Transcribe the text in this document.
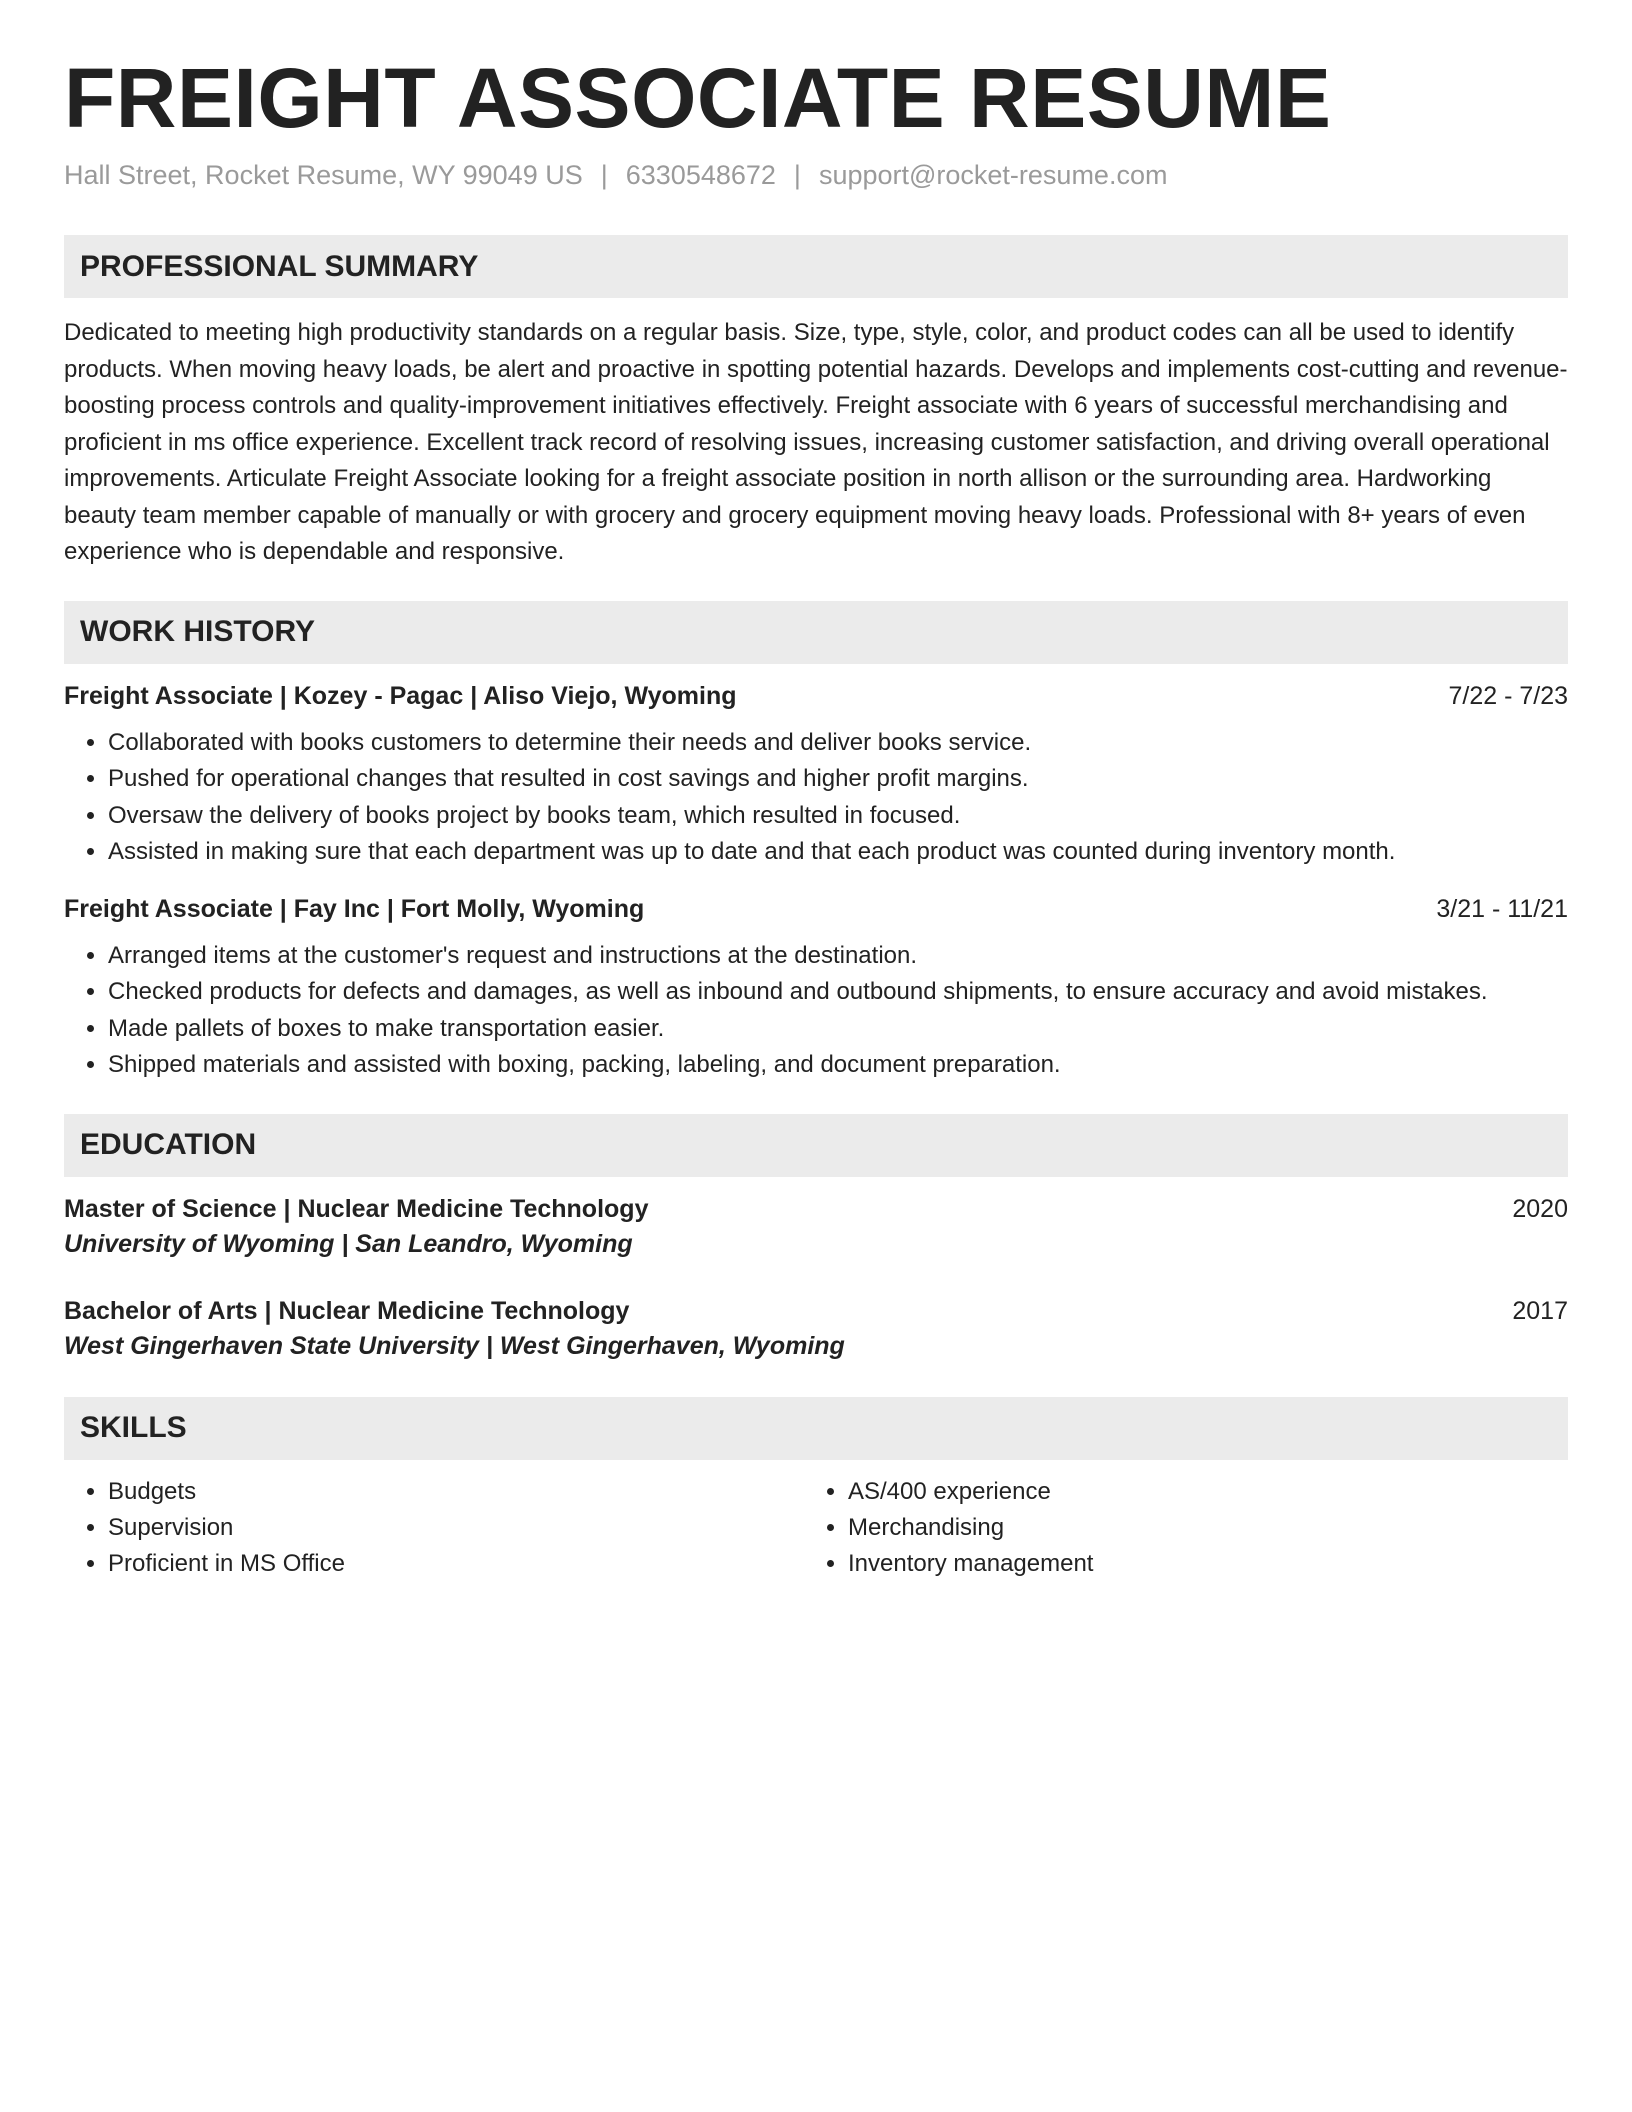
FREIGHT ASSOCIATE RESUME
Hall Street, Rocket Resume, WY 99049 US | 6330548672 | support@rocket-resume.com
PROFESSIONAL SUMMARY
Dedicated to meeting high productivity standards on a regular basis. Size, type, style, color, and product codes can all be used to identify products. When moving heavy loads, be alert and proactive in spotting potential hazards. Develops and implements cost-cutting and revenue-boosting process controls and quality-improvement initiatives effectively. Freight associate with 6 years of successful merchandising and proficient in ms office experience. Excellent track record of resolving issues, increasing customer satisfaction, and driving overall operational improvements. Articulate Freight Associate looking for a freight associate position in north allison or the surrounding area. Hardworking beauty team member capable of manually or with grocery and grocery equipment moving heavy loads. Professional with 8+ years of even experience who is dependable and responsive.
WORK HISTORY
Freight Associate | Kozey - Pagac | Aliso Viejo, Wyoming	7/22 - 7/23
• Collaborated with books customers to determine their needs and deliver books service.
• Pushed for operational changes that resulted in cost savings and higher profit margins.
• Oversaw the delivery of books project by books team, which resulted in focused.
• Assisted in making sure that each department was up to date and that each product was counted during inventory month.
Freight Associate | Fay Inc | Fort Molly, Wyoming	3/21 - 11/21
• Arranged items at the customer's request and instructions at the destination.
• Checked products for defects and damages, as well as inbound and outbound shipments, to ensure accuracy and avoid mistakes.
• Made pallets of boxes to make transportation easier.
• Shipped materials and assisted with boxing, packing, labeling, and document preparation.
EDUCATION
Master of Science | Nuclear Medicine Technology	2020
University of Wyoming | San Leandro, Wyoming
Bachelor of Arts | Nuclear Medicine Technology	2017
West Gingerhaven State University | West Gingerhaven, Wyoming
SKILLS
• Budgets
• Supervision
• Proficient in MS Office
• AS/400 experience
• Merchandising
• Inventory management
